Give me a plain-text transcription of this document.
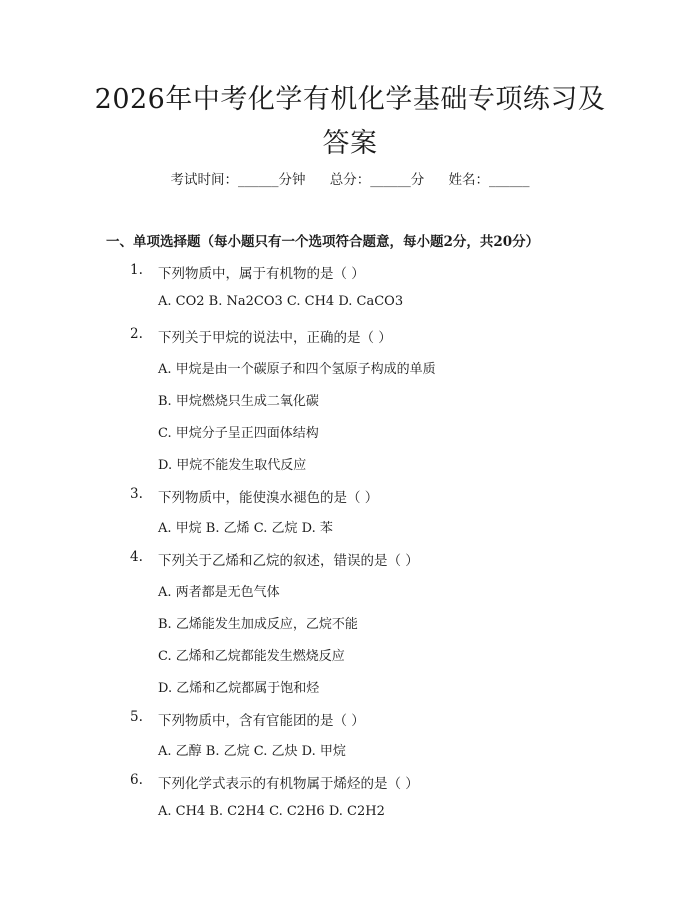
2026年中考化学有机化学基础专项练习及答案
考试时间：______分钟 总分：______分 姓名：______
一、单项选择题（每小题只有一个选项符合题意，每小题2分，共20分）
1. 下列物质中，属于有机物的是（ ）
A. CO2 B. Na2CO3 C. CH4 D. CaCO3
2. 下列关于甲烷的说法中，正确的是（ ）
A. 甲烷是由一个碳原子和四个氢原子构成的单质
B. 甲烷燃烧只生成二氧化碳
C. 甲烷分子呈正四面体结构
D. 甲烷不能发生取代反应
3. 下列物质中，能使溴水褪色的是（ ）
A. 甲烷 B. 乙烯 C. 乙烷 D. 苯
4. 下列关于乙烯和乙烷的叙述，错误的是（ ）
A. 两者都是无色气体
B. 乙烯能发生加成反应，乙烷不能
C. 乙烯和乙烷都能发生燃烧反应
D. 乙烯和乙烷都属于饱和烃
5. 下列物质中，含有官能团的是（ ）
A. 乙醇 B. 乙烷 C. 乙炔 D. 甲烷
6. 下列化学式表示的有机物属于烯烃的是（ ）
A. CH4 B. C2H4 C. C2H6 D. C2H2
